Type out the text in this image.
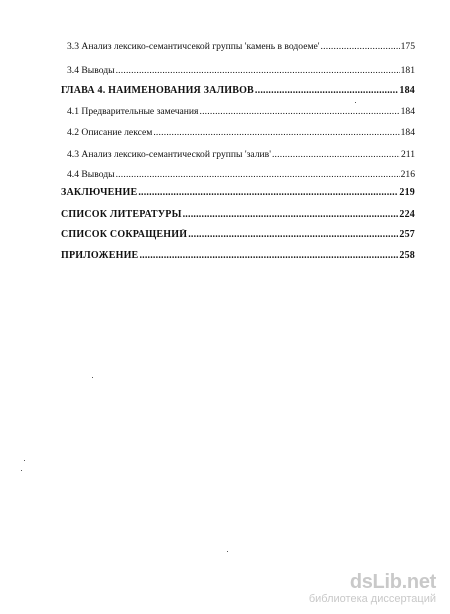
3.3 Анализ лексико-семантичсекой группы 'камень в водоеме' .....	175
3.4 Выводы .....	181
ГЛАВА 4. НАИМЕНОВАНИЯ ЗАЛИВОВ .....	184
4.1 Предварительные замечания .....	184
4.2 Описание лексем .....	184
4.3 Анализ лексико-семантической группы 'залив' .....	211
4.4 Выводы .....	216
ЗАКЛЮЧЕНИЕ .....	219
СПИСОК ЛИТЕРАТУРЫ .....	224
СПИСОК СОКРАЩЕНИЙ .....	257
ПРИЛОЖЕНИЕ .....	258
dsLib.net
библиотека диссертаций
